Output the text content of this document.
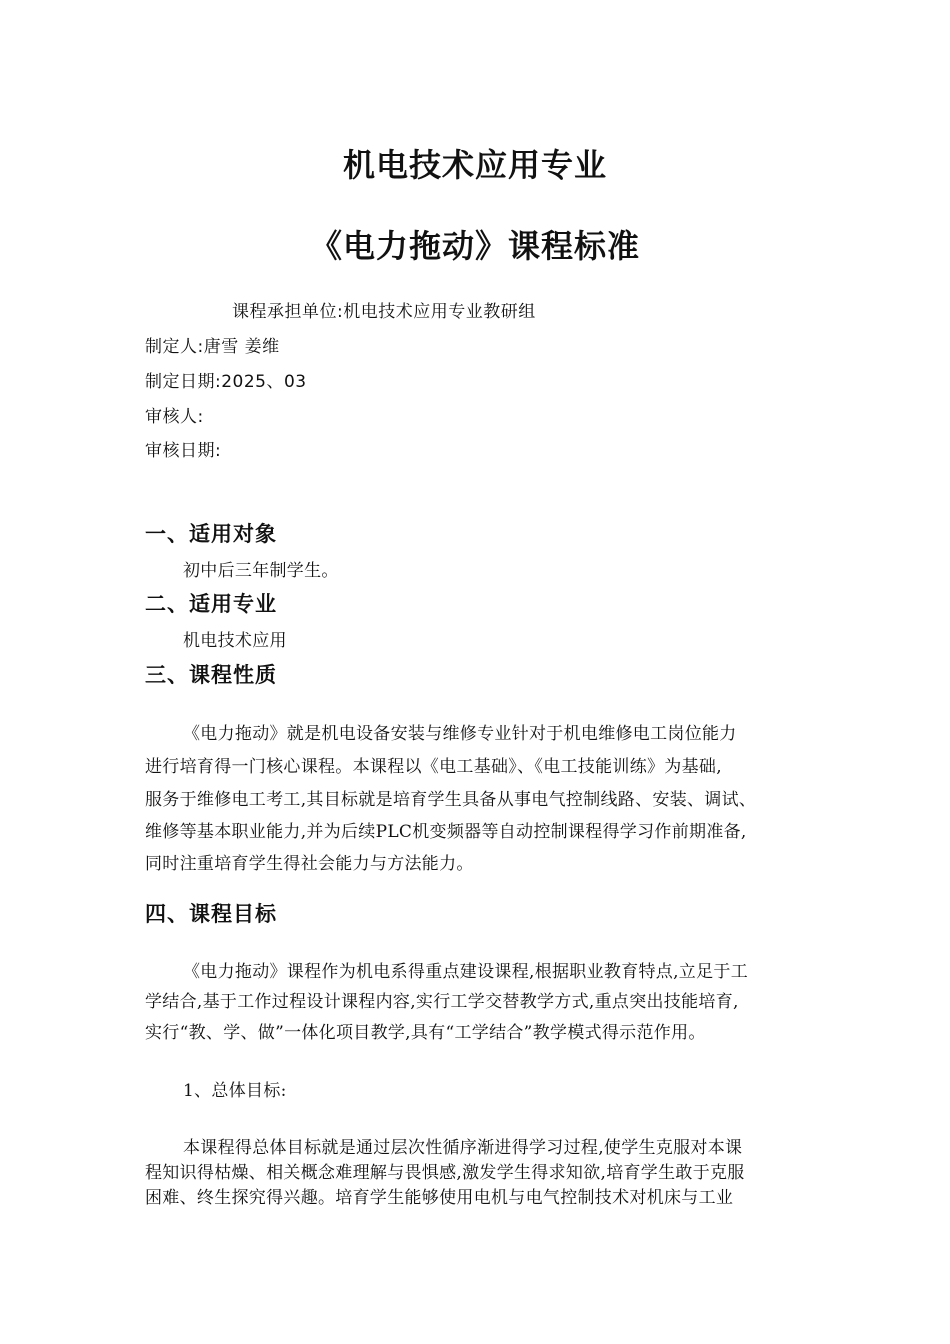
机电技术应用专业
《电力拖动》课程标准
课程承担单位:机电技术应用专业教研组
制定人:唐雪 姜维
制定日期:2025、03
审核人:
审核日期:
一、适用对象
初中后三年制学生。
二、适用专业
机电技术应用
三、课程性质
《电力拖动》就是机电设备安装与维修专业针对于机电维修电工岗位能力
进行培育得一门核心课程。本课程以《电工基础》、《电工技能训练》为基础,
服务于维修电工考工,其目标就是培育学生具备从事电气控制线路、安装、调试、
维修等基本职业能力,并为后续PLC机变频器等自动控制课程得学习作前期准备,
同时注重培育学生得社会能力与方法能力。
四、课程目标
《电力拖动》课程作为机电系得重点建设课程,根据职业教育特点,立足于工
学结合,基于工作过程设计课程内容,实行工学交替教学方式,重点突出技能培育,
实行“教、学、做”一体化项目教学,具有“工学结合”教学模式得示范作用。
1、总体目标:
本课程得总体目标就是通过层次性循序渐进得学习过程,使学生克服对本课
程知识得枯燥、相关概念难理解与畏惧感,激发学生得求知欲,培育学生敢于克服
困难、终生探究得兴趣。培育学生能够使用电机与电气控制技术对机床与工业
